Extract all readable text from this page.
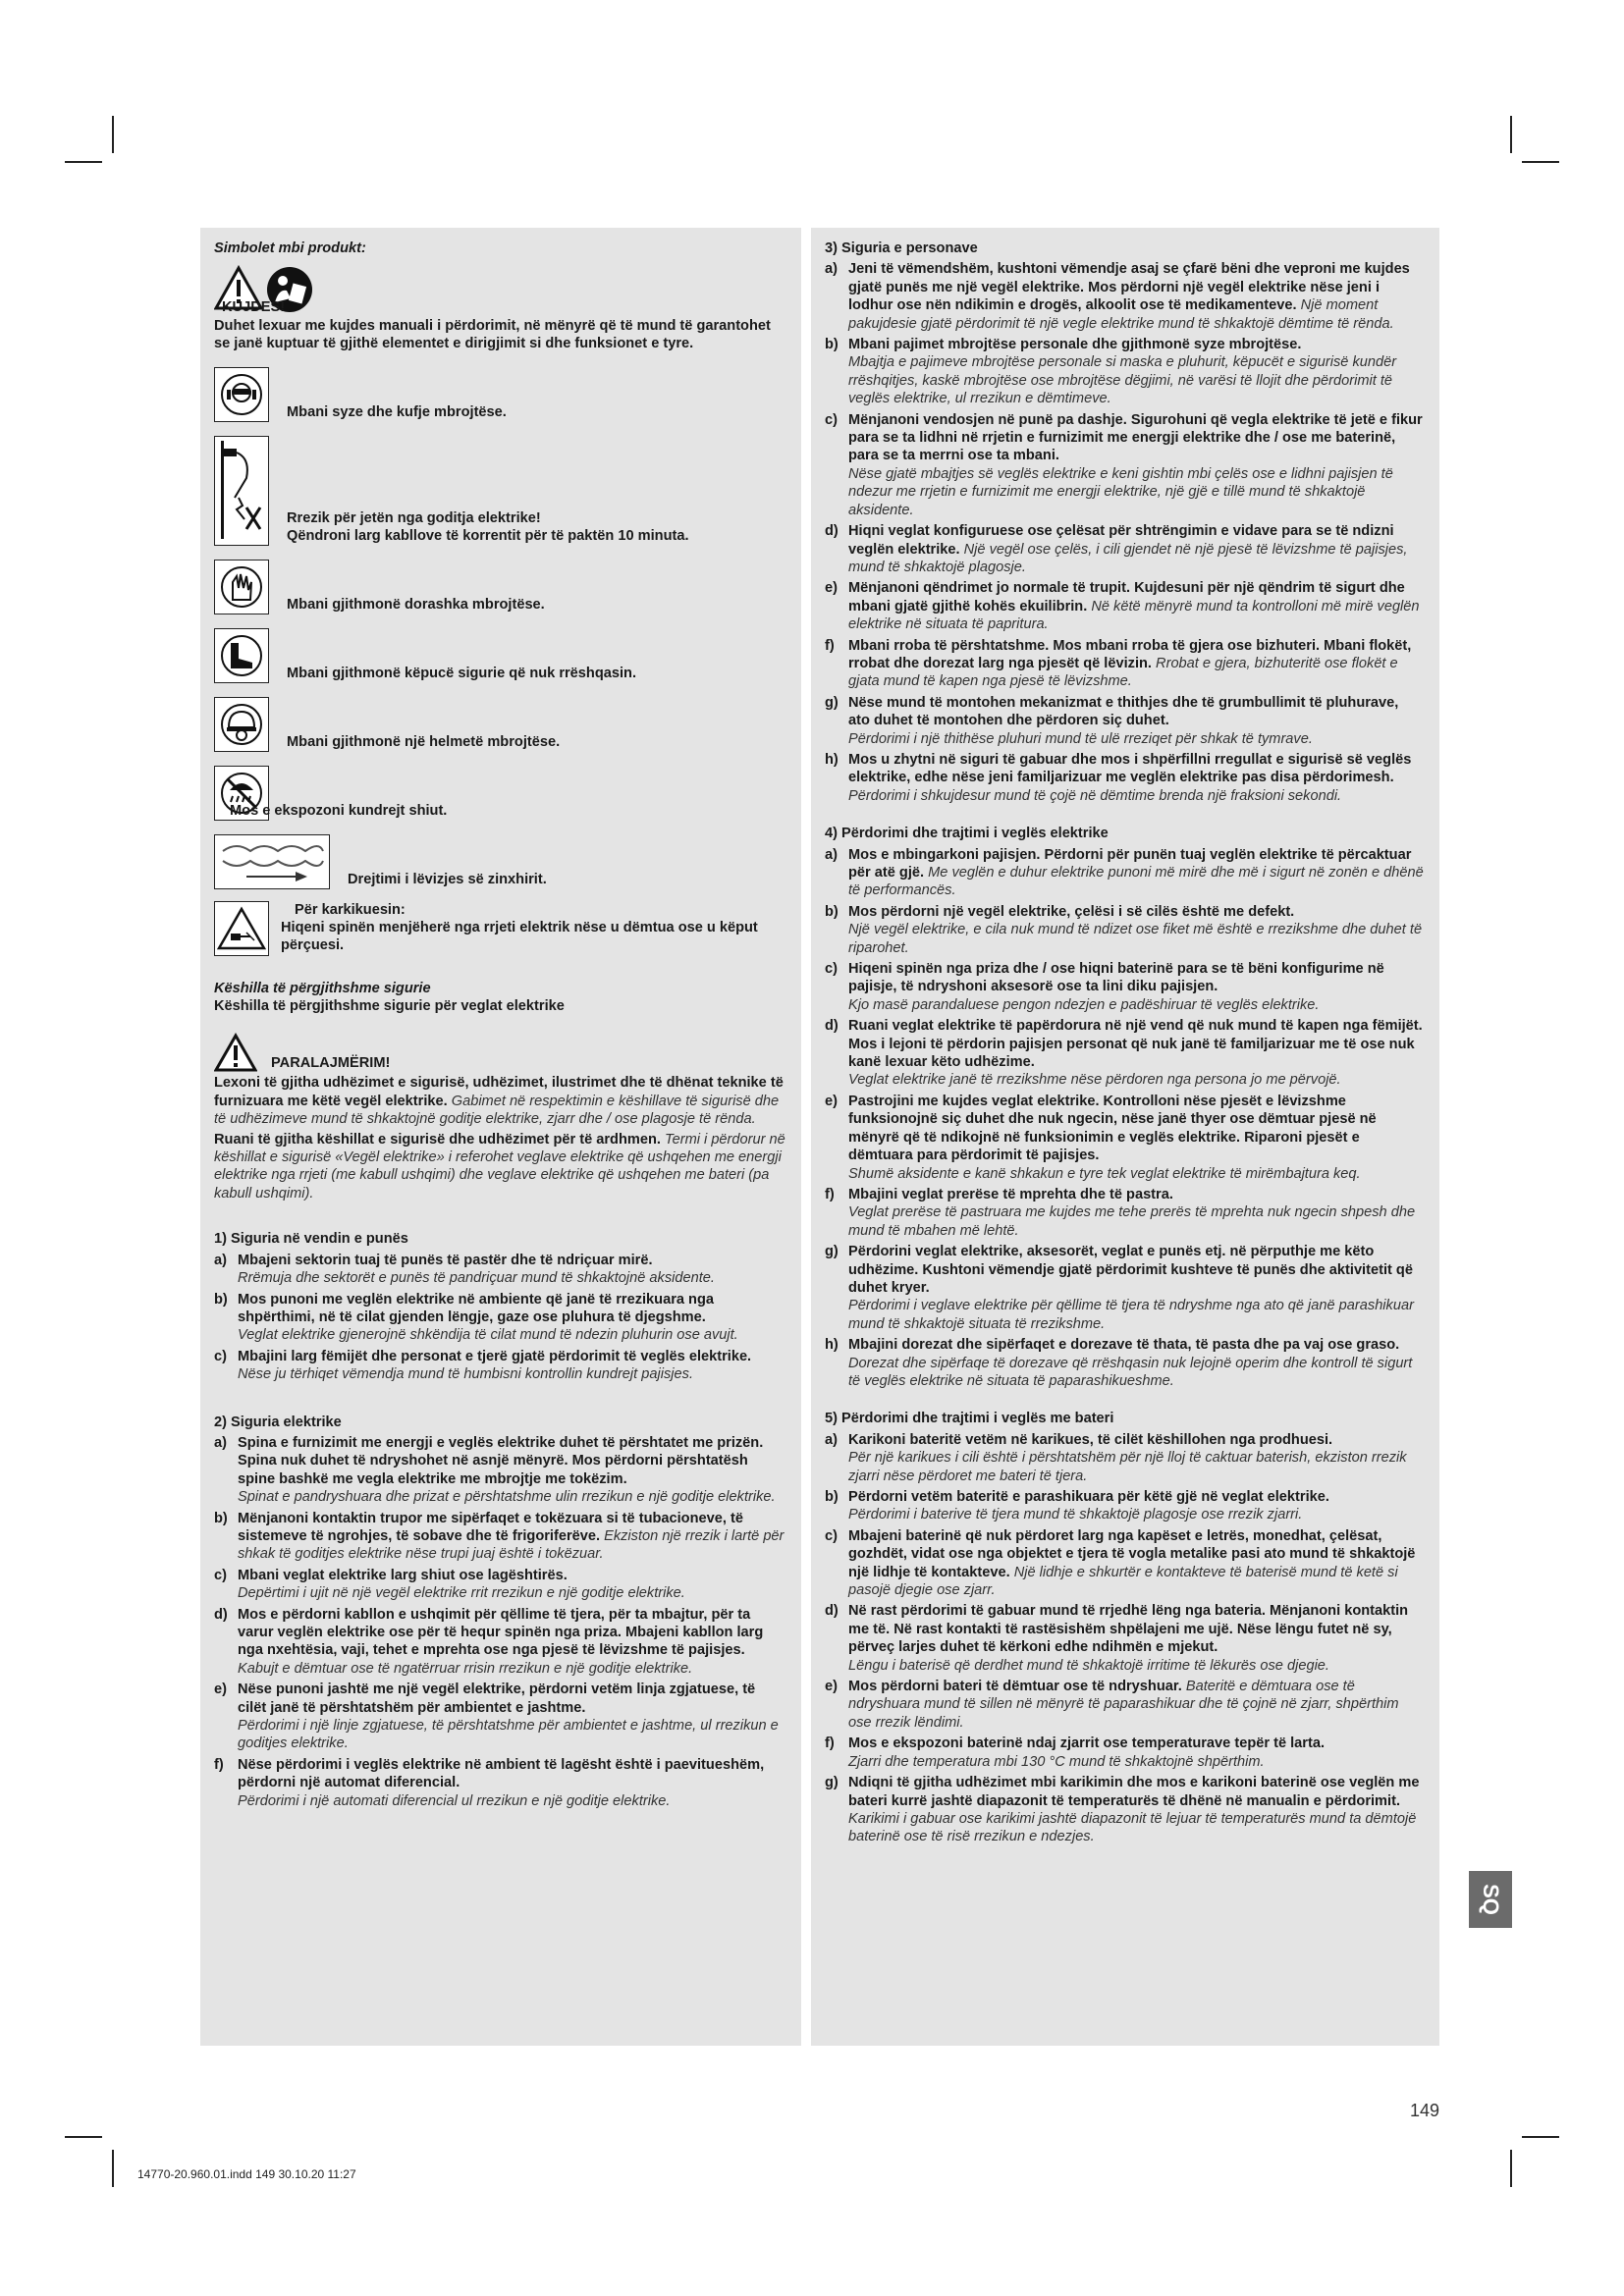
Simbolet mbi produkt:

KUJDES!
Duhet lexuar me kujdes manuali i përdorimit, në mënyrë që të mund të garantohet se janë kuptuar të gjithë elementet e dirigjimit si dhe funksionet e tyre.
Mbani syze dhe kufje mbrojtëse.
Rrezik për jetën nga goditja elektrike!
Qëndroni larg kabllove të korrentit për të paktën 10 minuta.
Mbani gjithmonë dorashka mbrojtëse.
Mbani gjithmonë këpucë sigurie që nuk rrëshqasin.
Mbani gjithmonë një helmetë mbrojtëse.
Mos e ekspozoni kundrejt shiut.
Drejtimi i lëvizjes së zinxhirit.
Për karkikuesin:
Hiqeni spinën menjëherë nga rrjeti elektrik nëse u dëmtua ose u këput përçuesi.

Këshilla të përgjithshme sigurie

Këshilla të përgjithshme sigurie për veglat elektrike
PARALAJMËRIM!
Lexoni të gjitha udhëzimet e sigurisë, udhëzimet, ilustrimet dhe të dhënat teknike të furnizuara me këtë vegël elektrike. Gabimet në respektimin e këshillave të sigurisë dhe të udhëzimeve mund të shkaktojnë goditje elektrike, zjarr dhe / ose plagosje të rënda.
Ruani të gjitha këshillat e sigurisë dhe udhëzimet për të ardhmen. Termi i përdorur në këshillat e sigurisë «Vegël elektrike» i referohet veglave elektrike që ushqehen me energji elektrike nga rrjeti (me kabull ushqimi) dhe veglave elektrike që ushqehen me bateri (pa kabull ushqimi).
1) Siguria në vendin e punës
a) Mbajeni sektorin tuaj të punës të pastër dhe të ndriçuar mirë.
Rrëmuja dhe sektorët e punës të pandriçuar mund të shkaktojnë aksidente.
b) Mos punoni me veglën elektrike në ambiente që janë të rrezikuara nga shpërthimi, në të cilat gjenden lëngje, gaze ose pluhura të djegshme.
Veglat elektrike gjenerojnë shkëndija të cilat mund të ndezin pluhurin ose avujt.
c) Mbajini larg fëmijët dhe personat e tjerë gjatë përdorimit të veglës elektrike.
Nëse ju tërhiqet vëmendja mund të humbisni kontrollin kundrejt pajisjes.
2) Siguria elektrike
a) Spina e furnizimit me energji e veglës elektrike duhet të përshtatet me prizën. Spina nuk duhet të ndryshohet në asnjë mënyrë. Mos përdorni përshtatësh spine bashkë me vegla elektrike me mbrojtje me tokëzim.
Spinat e pandryshuara dhe prizat e përshtatshme ulin rrezikun e një goditje elektrike.
b) Mënjanoni kontaktin trupor me sipërfaqet e tokëzuara si të tubacioneve, të sistemeve të ngrohjes, të sobave dhe të frigoriferëve. Ekziston një rrezik i lartë për shkak të goditjes elektrike nëse trupi juaj është i tokëzuar.
c) Mbani veglat elektrike larg shiut ose lagështirës.
Depërtimi i ujit në një vegël elektrike rrit rrezikun e një goditje elektrike.
d) Mos e përdorni kabllon e ushqimit për qëllime të tjera, për ta mbajtur, për ta varur veglën elektrike ose për të hequr spinën nga priza. Mbajeni kabllon larg nga nxehtësia, vaji, tehet e mprehta ose nga pjesë të lëvizshme të pajisjes.
Kabujt e dëmtuar ose të ngatërruar rrisin rrezikun e një goditje elektrike.
e) Nëse punoni jashtë me një vegël elektrike, përdorni vetëm linja zgjatuese, të cilët janë të përshtatshëm për ambientet e jashtme.
Përdorimi i një linje zgjatuese, të përshtatshme për ambientet e jashtme, ul rrezikun e goditjes elektrike.
f) Nëse përdorimi i veglës elektrike në ambient të lagësht është i paevitueshëm, përdorni një automat diferencial.
Përdorimi i një automati diferencial ul rrezikun e një goditje elektrike.
3) Siguria e personave
a) Jeni të vëmendshëm, kushtoni vëmendje asaj se çfarë bëni dhe veproni me kujdes gjatë punës me një vegël elektrike. Mos përdorni një vegël elektrike nëse jeni i lodhur ose nën ndikimin e drogës, alkoolit ose të medikamenteve. Një moment pakujdesie gjatë përdorimit të një vegle elektrike mund të shkaktojë dëmtime të rënda.
b) Mbani pajimet mbrojtëse personale dhe gjithmonë syze mbrojtëse.
Mbajtja e pajimeve mbrojtëse personale si maska e pluhurit, këpucët e sigurisë kundër rrëshqitjes, kaskë mbrojtëse ose mbrojtëse dëgjimi, në varësi të llojit dhe përdorimit të veglës elektrike, ul rrezikun e dëmtimeve.
c) Mënjanoni vendosjen në punë pa dashje. Sigurohuni që vegla elektrike të jetë e fikur para se ta lidhni në rrjetin e furnizimit me energji elektrike dhe / ose me baterinë, para se ta merrni ose ta mbani.
Nëse gjatë mbajtjes së veglës elektrike e keni gishtin mbi çelës ose e lidhni pajisjen të ndezur me rrjetin e furnizimit me energji elektrike, një gjë e tillë mund të shkaktojë aksidente.
d) Hiqni veglat konfiguruese ose çelësat për shtrëngimin e vidave para se të ndizni veglën elektrike. Një vegël ose çelës, i cili gjendet në një pjesë të lëvizshme të pajisjes, mund të shkaktojë plagosje.
e) Mënjanoni qëndrimet jo normale të trupit. Kujdesuni për një qëndrim të sigurt dhe mbani gjatë gjithë kohës ekuilibrin. Në këtë mënyrë mund ta kontrolloni më mirë veglën elektrike në situata të papritura.
f) Mbani rroba të përshtatshme. Mos mbani rroba të gjera ose bizhuteri. Mbani flokët, rrobat dhe dorezat larg nga pjesët që lëvizin. Rrobat e gjera, bizhuteritë ose flokët e gjata mund të kapen nga pjesë të lëvizshme.
g) Nëse mund të montohen mekanizmat e thithjes dhe të grumbullimit të pluhurave, ato duhet të montohen dhe përdoren siç duhet.
Përdorimi i një thithëse pluhuri mund të ulë rreziqet për shkak të tymrave.
h) Mos u zhytni në siguri të gabuar dhe mos i shpërfillni rregullat e sigurisë së veglës elektrike, edhe nëse jeni familjarizuar me veglën elektrike pas disa përdorimesh.
Përdorimi i shkujdesur mund të çojë në dëmtime brenda një fraksioni sekondi.
4) Përdorimi dhe trajtimi i veglës elektrike
a) Mos e mbingarkoni pajisjen. Përdorni për punën tuaj veglën elektrike të përcaktuar për atë gjë. Me veglën e duhur elektrike punoni më mirë dhe më i sigurt në zonën e dhënë të performancës.
b) Mos përdorni një vegël elektrike, çelësi i së cilës është me defekt.
Një vegël elektrike, e cila nuk mund të ndizet ose fiket më është e rrezikshme dhe duhet të riparohet.
c) Hiqeni spinën nga priza dhe / ose hiqni baterinë para se të bëni konfigurime në pajisje, të ndryshoni aksesorë ose ta lini diku pajisjen.
Kjo masë parandaluese pengon ndezjen e padëshiruar të veglës elektrike.
d) Ruani veglat elektrike të papërdorura në një vend që nuk mund të kapen nga fëmijët. Mos i lejoni të përdorin pajisjen personat që nuk janë të familjarizuar me të ose nuk kanë lexuar këto udhëzime.
Veglat elektrike janë të rrezikshme nëse përdoren nga persona jo me përvojë.
e) Pastrojini me kujdes veglat elektrike. Kontrolloni nëse pjesët e lëvizshme funksionojnë siç duhet dhe nuk ngecin, nëse janë thyer ose dëmtuar pjesë në mënyrë që të ndikojnë në funksionimin e veglës elektrike. Riparoni pjesët e dëmtuara para përdorimit të pajisjes.
Shumë aksidente e kanë shkakun e tyre tek veglat elektrike të mirëmbajtura keq.
f) Mbajini veglat prerëse të mprehta dhe të pastra.
Veglat prerëse të pastruara me kujdes me tehe prerës të mprehta nuk ngecin shpesh dhe mund të mbahen më lehtë.
g) Përdorini veglat elektrike, aksesorët, veglat e punës etj. në përputhje me këto udhëzime. Kushtoni vëmendje gjatë përdorimit kushteve të punës dhe aktivitetit që duhet kryer.
Përdorimi i veglave elektrike për qëllime të tjera të ndryshme nga ato që janë parashikuar mund të shkaktojë situata të rrezikshme.
h) Mbajini dorezat dhe sipërfaqet e dorezave të thata, të pasta dhe pa vaj ose graso. Dorezat dhe sipërfaqe të dorezave që rrëshqasin nuk lejojnë operim dhe kontroll të sigurt të veglës elektrike në situata të paparashikueshme.
5) Përdorimi dhe trajtimi i veglës me bateri
a) Karikoni bateritë vetëm në karikues, të cilët këshillohen nga prodhuesi.
Për një karikues i cili është i përshtatshëm për një lloj të caktuar baterish, ekziston rrezik zjarri nëse përdoret me bateri të tjera.
b) Përdorni vetëm bateritë e parashikuara për këtë gjë në veglat elektrike.
Përdorimi i baterive të tjera mund të shkaktojë plagosje ose rrezik zjarri.
c) Mbajeni baterinë që nuk përdoret larg nga kapëset e letrës, monedhat, çelësat, gozhdët, vidat ose nga objektet e tjera të vogla metalike pasi ato mund të shkaktojë një lidhje të kontakteve. Një lidhje e shkurtër e kontakteve të baterisë mund të ketë si pasojë djegie ose zjarr.
d) Në rast përdorimi të gabuar mund të rrjedhë lëng nga bateria. Mënjanoni kontaktin me të. Në rast kontakti të rastësishëm shpëlajeni me ujë. Nëse lëngu futet në sy, përveç larjes duhet të kërkoni edhe ndihmën e mjekut.
Lëngu i baterisë që derdhet mund të shkaktojë irritime të lëkurës ose djegie.
e) Mos përdorni bateri të dëmtuar ose të ndryshuar. Bateritë e dëmtuara ose të ndryshuara mund të sillen në mënyrë të paparashikuar dhe të çojnë në zjarr, shpërthim ose rrezik lëndimi.
f) Mos e ekspozoni baterinë ndaj zjarrit ose temperaturave tepër të larta.
Zjarri dhe temperatura mbi 130 °C mund të shkaktojnë shpërthim.
g) Ndiqni të gjitha udhëzimet mbi karikimin dhe mos e karikoni baterinë ose veglën me bateri kurrë jashtë diapazonit të temperaturës të dhënë në manualin e përdorimit.
Karikimi i gabuar ose karikimi jashtë diapazonit të lejuar të temperaturës mund ta dëmtojë baterinë ose të risë rrezikun e ndezjes.
SQ
149
14770-20.960.01.indd 149 30.10.20 11:27
